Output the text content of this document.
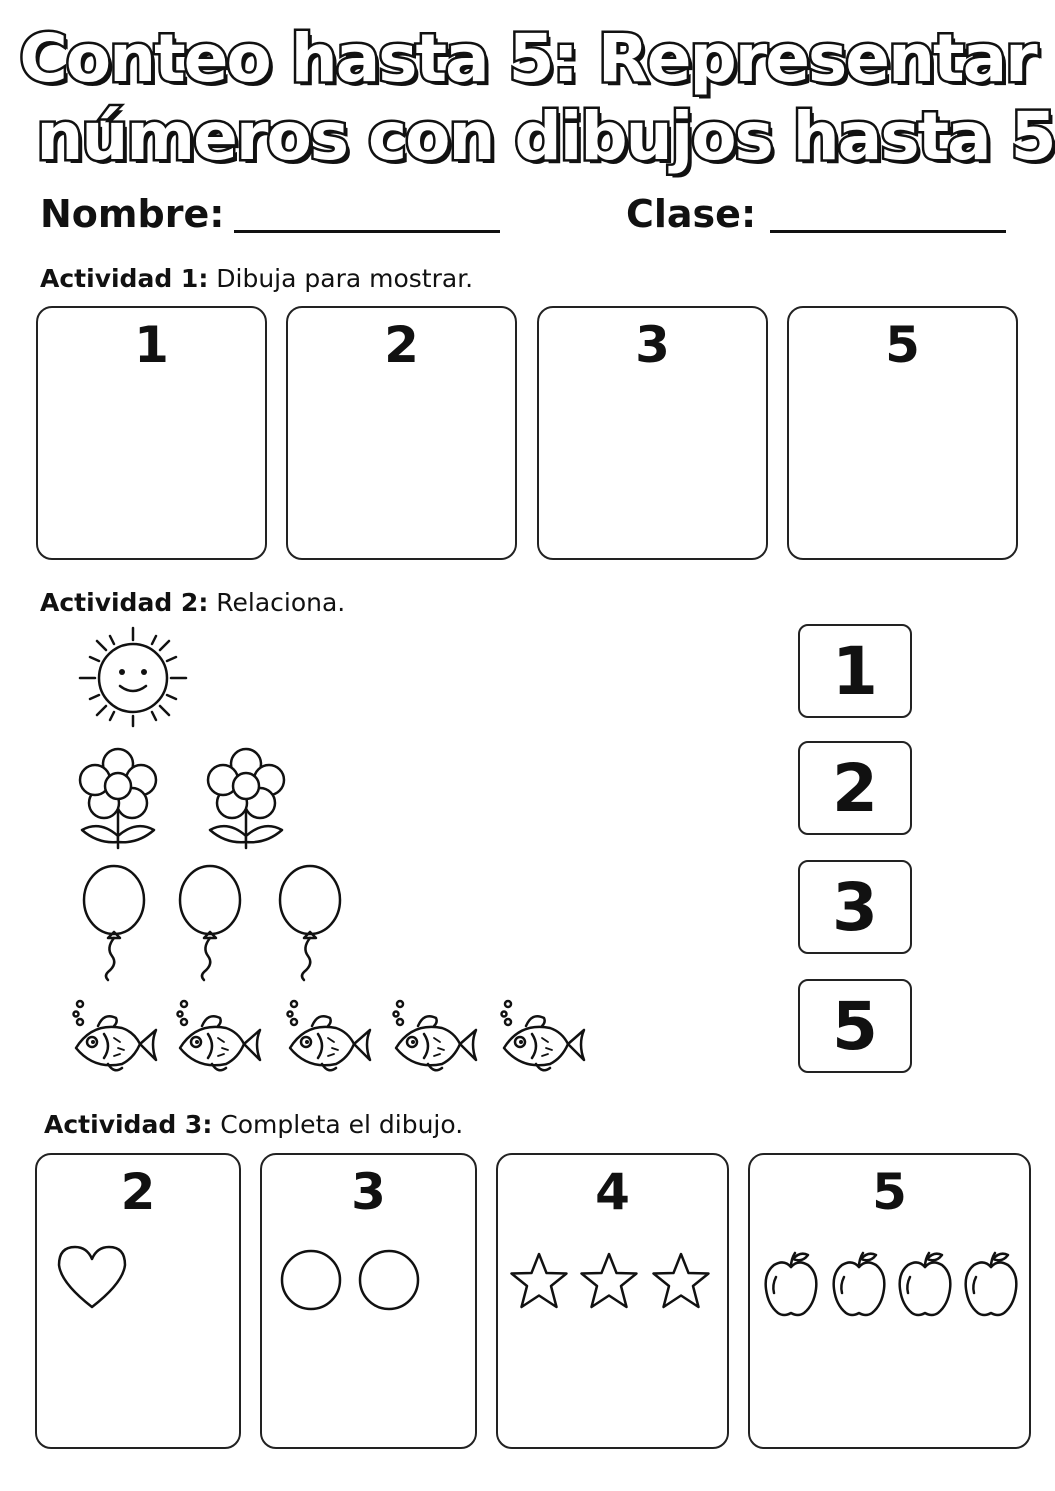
Conteo hasta 5: Representar
números con dibujos hasta 5
Nombre:	Clase:
Actividad 1: Dibuja para mostrar.
1	2	3	5
Actividad 2: Relaciona.
1
2
3
5
Actividad 3: Completa el dibujo.
2	3	4	5
